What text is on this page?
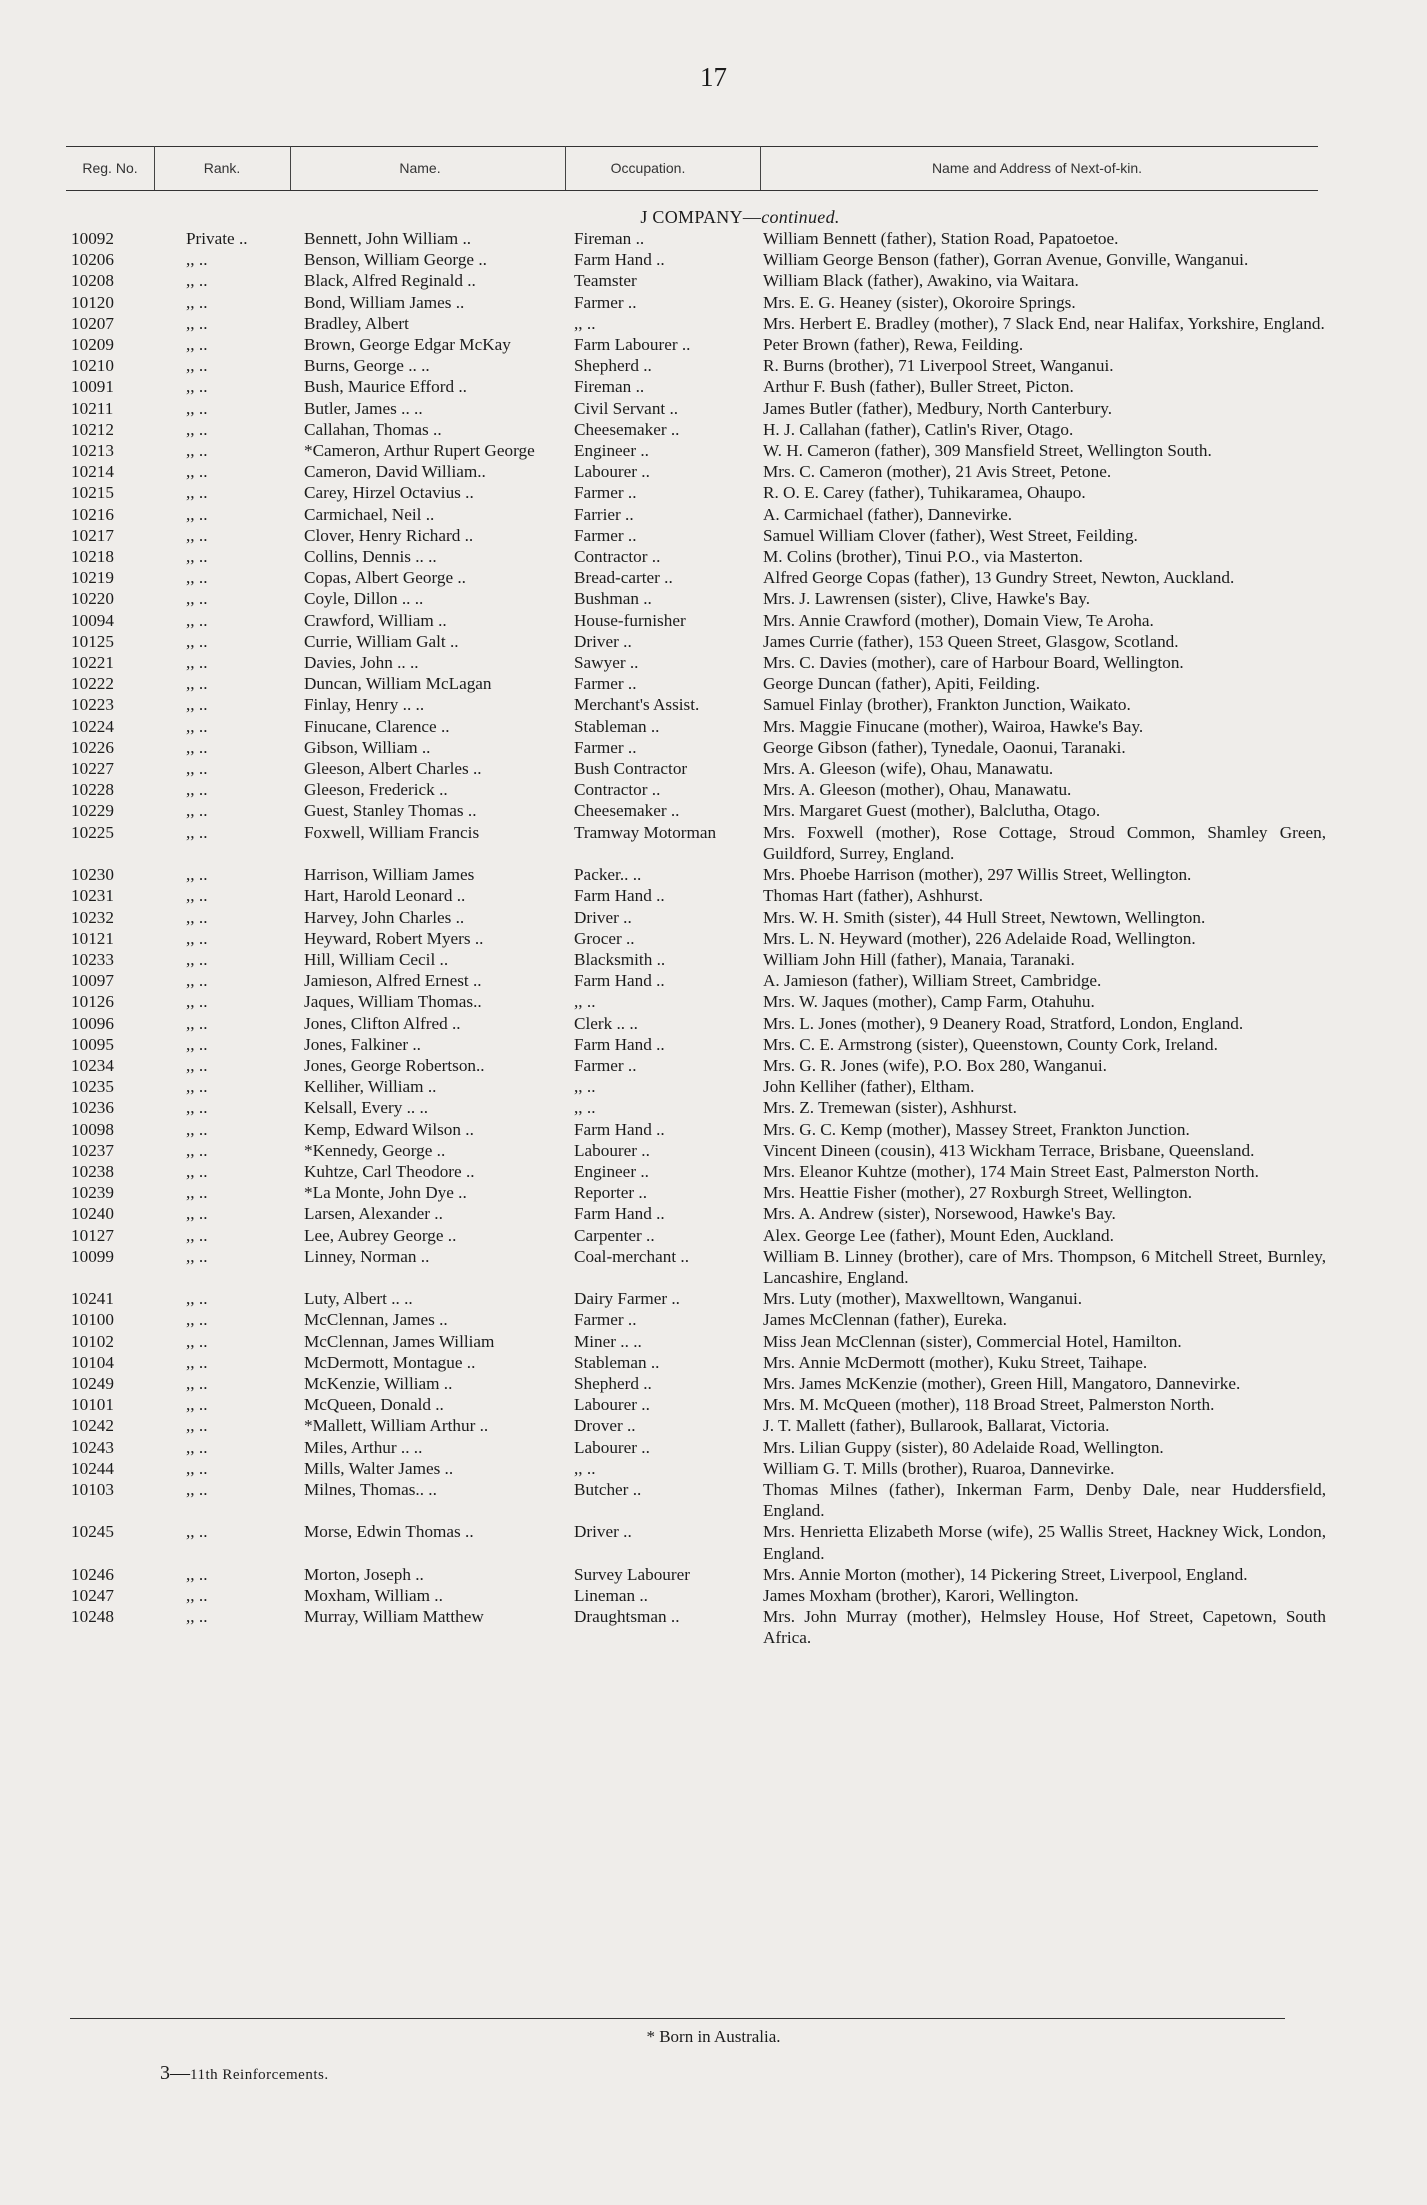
17
Reg. No.	Rank.	Name.	Occupation.	Name and Address of Next-of-kin.
J COMPANY—continued.
10092	Private ..	Bennett, John William ..	Fireman ..	William Bennett (father), Station Road, Papatoetoe.
10206	,, ..	Benson, William George ..	Farm Hand ..	William George Benson (father), Gorran Avenue, Gonville, Wanganui.
10208	,, ..	Black, Alfred Reginald ..	Teamster	William Black (father), Awakino, via Waitara.
10120	,, ..	Bond, William James ..	Farmer ..	Mrs. E. G. Heaney (sister), Okoroire Springs.
10207	,, ..	Bradley, Albert	,, ..	Mrs. Herbert E. Bradley (mother), 7 Slack End, near Halifax, Yorkshire, England.
10209	,, ..	Brown, George Edgar McKay	Farm Labourer ..	Peter Brown (father), Rewa, Feilding.
10210	,, ..	Burns, George .. ..	Shepherd ..	R. Burns (brother), 71 Liverpool Street, Wanganui.
10091	,, ..	Bush, Maurice Efford ..	Fireman ..	Arthur F. Bush (father), Buller Street, Picton.
10211	,, ..	Butler, James .. ..	Civil Servant ..	James Butler (father), Medbury, North Canterbury.
10212	,, ..	Callahan, Thomas ..	Cheesemaker ..	H. J. Callahan (father), Catlin's River, Otago.
10213	,, ..	*Cameron, Arthur Rupert George	Engineer ..	W. H. Cameron (father), 309 Mansfield Street, Wellington South.
10214	,, ..	Cameron, David William..	Labourer ..	Mrs. C. Cameron (mother), 21 Avis Street, Petone.
10215	,, ..	Carey, Hirzel Octavius ..	Farmer ..	R. O. E. Carey (father), Tuhikaramea, Ohaupo.
10216	,, ..	Carmichael, Neil ..	Farrier ..	A. Carmichael (father), Dannevirke.
10217	,, ..	Clover, Henry Richard ..	Farmer ..	Samuel William Clover (father), West Street, Feilding.
10218	,, ..	Collins, Dennis .. ..	Contractor ..	M. Colins (brother), Tinui P.O., via Masterton.
10219	,, ..	Copas, Albert George ..	Bread-carter ..	Alfred George Copas (father), 13 Gundry Street, Newton, Auckland.
10220	,, ..	Coyle, Dillon .. ..	Bushman ..	Mrs. J. Lawrensen (sister), Clive, Hawke's Bay.
10094	,, ..	Crawford, William ..	House-furnisher	Mrs. Annie Crawford (mother), Domain View, Te Aroha.
10125	,, ..	Currie, William Galt ..	Driver ..	James Currie (father), 153 Queen Street, Glasgow, Scotland.
10221	,, ..	Davies, John .. ..	Sawyer ..	Mrs. C. Davies (mother), care of Harbour Board, Wellington.
10222	,, ..	Duncan, William McLagan	Farmer ..	George Duncan (father), Apiti, Feilding.
10223	,, ..	Finlay, Henry .. ..	Merchant's Assist.	Samuel Finlay (brother), Frankton Junction, Waikato.
10224	,, ..	Finucane, Clarence ..	Stableman ..	Mrs. Maggie Finucane (mother), Wairoa, Hawke's Bay.
10226	,, ..	Gibson, William ..	Farmer ..	George Gibson (father), Tynedale, Oaonui, Taranaki.
10227	,, ..	Gleeson, Albert Charles ..	Bush Contractor	Mrs. A. Gleeson (wife), Ohau, Manawatu.
10228	,, ..	Gleeson, Frederick ..	Contractor ..	Mrs. A. Gleeson (mother), Ohau, Manawatu.
10229	,, ..	Guest, Stanley Thomas ..	Cheesemaker ..	Mrs. Margaret Guest (mother), Balclutha, Otago.
10225	,, ..	Foxwell, William Francis	Tramway Motorman	Mrs. Foxwell (mother), Rose Cottage, Stroud Common, Shamley Green, Guildford, Surrey, England.
10230	,, ..	Harrison, William James	Packer.. ..	Mrs. Phoebe Harrison (mother), 297 Willis Street, Wellington.
10231	,, ..	Hart, Harold Leonard ..	Farm Hand ..	Thomas Hart (father), Ashhurst.
10232	,, ..	Harvey, John Charles ..	Driver ..	Mrs. W. H. Smith (sister), 44 Hull Street, Newtown, Wellington.
10121	,, ..	Heyward, Robert Myers ..	Grocer ..	Mrs. L. N. Heyward (mother), 226 Adelaide Road, Wellington.
10233	,, ..	Hill, William Cecil ..	Blacksmith ..	William John Hill (father), Manaia, Taranaki.
10097	,, ..	Jamieson, Alfred Ernest ..	Farm Hand ..	A. Jamieson (father), William Street, Cambridge.
10126	,, ..	Jaques, William Thomas..	,, ..	Mrs. W. Jaques (mother), Camp Farm, Otahuhu.
10096	,, ..	Jones, Clifton Alfred ..	Clerk .. ..	Mrs. L. Jones (mother), 9 Deanery Road, Stratford, London, England.
10095	,, ..	Jones, Falkiner ..	Farm Hand ..	Mrs. C. E. Armstrong (sister), Queenstown, County Cork, Ireland.
10234	,, ..	Jones, George Robertson..	Farmer ..	Mrs. G. R. Jones (wife), P.O. Box 280, Wanganui.
10235	,, ..	Kelliher, William ..	,, ..	John Kelliher (father), Eltham.
10236	,, ..	Kelsall, Every .. ..	,, ..	Mrs. Z. Tremewan (sister), Ashhurst.
10098	,, ..	Kemp, Edward Wilson ..	Farm Hand ..	Mrs. G. C. Kemp (mother), Massey Street, Frankton Junction.
10237	,, ..	*Kennedy, George ..	Labourer ..	Vincent Dineen (cousin), 413 Wickham Terrace, Brisbane, Queensland.
10238	,, ..	Kuhtze, Carl Theodore ..	Engineer ..	Mrs. Eleanor Kuhtze (mother), 174 Main Street East, Palmerston North.
10239	,, ..	*La Monte, John Dye ..	Reporter ..	Mrs. Heattie Fisher (mother), 27 Roxburgh Street, Wellington.
10240	,, ..	Larsen, Alexander ..	Farm Hand ..	Mrs. A. Andrew (sister), Norsewood, Hawke's Bay.
10127	,, ..	Lee, Aubrey George ..	Carpenter ..	Alex. George Lee (father), Mount Eden, Auckland.
10099	,, ..	Linney, Norman ..	Coal-merchant ..	William B. Linney (brother), care of Mrs. Thompson, 6 Mitchell Street, Burnley, Lancashire, England.
10241	,, ..	Luty, Albert .. ..	Dairy Farmer ..	Mrs. Luty (mother), Maxwelltown, Wanganui.
10100	,, ..	McClennan, James ..	Farmer ..	James McClennan (father), Eureka.
10102	,, ..	McClennan, James William	Miner .. ..	Miss Jean McClennan (sister), Commercial Hotel, Hamilton.
10104	,, ..	McDermott, Montague ..	Stableman ..	Mrs. Annie McDermott (mother), Kuku Street, Taihape.
10249	,, ..	McKenzie, William ..	Shepherd ..	Mrs. James McKenzie (mother), Green Hill, Mangatoro, Dannevirke.
10101	,, ..	McQueen, Donald ..	Labourer ..	Mrs. M. McQueen (mother), 118 Broad Street, Palmerston North.
10242	,, ..	*Mallett, William Arthur ..	Drover ..	J. T. Mallett (father), Bullarook, Ballarat, Victoria.
10243	,, ..	Miles, Arthur .. ..	Labourer ..	Mrs. Lilian Guppy (sister), 80 Adelaide Road, Wellington.
10244	,, ..	Mills, Walter James ..	,, ..	William G. T. Mills (brother), Ruaroa, Dannevirke.
10103	,, ..	Milnes, Thomas.. ..	Butcher ..	Thomas Milnes (father), Inkerman Farm, Denby Dale, near Huddersfield, England.
10245	,, ..	Morse, Edwin Thomas ..	Driver ..	Mrs. Henrietta Elizabeth Morse (wife), 25 Wallis Street, Hackney Wick, London, England.
10246	,, ..	Morton, Joseph ..	Survey Labourer	Mrs. Annie Morton (mother), 14 Pickering Street, Liverpool, England.
10247	,, ..	Moxham, William ..	Lineman ..	James Moxham (brother), Karori, Wellington.
10248	,, ..	Murray, William Matthew	Draughtsman ..	Mrs. John Murray (mother), Helmsley House, Hof Street, Capetown, South Africa.
* Born in Australia.
3—11th Reinforcements.
